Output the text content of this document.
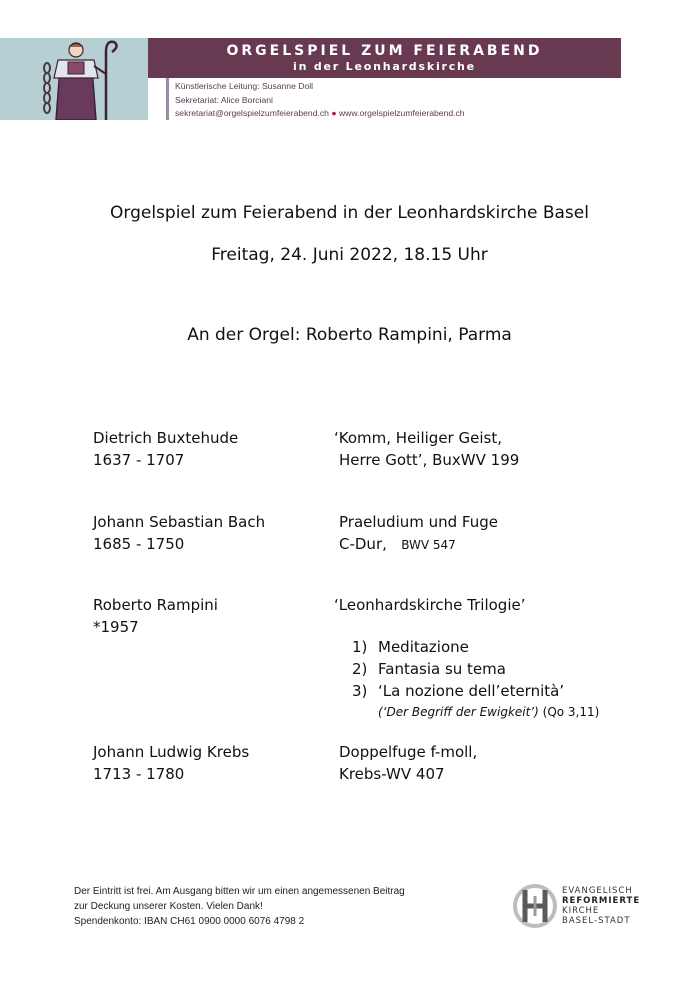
ORGELSPIEL ZUM FEIERABEND
in der Leonhardskirche
Künstlerische Leitung: Susanne Doll
Sekretariat: Alice Borciani
sekretariat@orgelspielzumfeierabend.ch ● www.orgelspielzumfeierabend.ch
Orgelspiel zum Feierabend in der Leonhardskirche Basel
Freitag, 24. Juni 2022, 18.15 Uhr
An der Orgel: Roberto Rampini, Parma
Dietrich Buxtehude
1637 - 1707
‘Komm, Heiliger Geist,
Herre Gott’, BuxWV 199
Johann Sebastian Bach
1685 - 1750
Praeludium und Fuge
C-Dur, BWV 547
Roberto Rampini
*1957
‘Leonhardskirche Trilogie’
1) Meditazione
2) Fantasia su tema
3) ‘La nozione dell’eternità’
(‘Der Begriff der Ewigkeit’) (Qo 3,11)
Johann Ludwig Krebs
1713 - 1780
Doppelfuge f-moll,
Krebs-WV 407
Der Eintritt ist frei. Am Ausgang bitten wir um einen angemessenen Beitrag
zur Deckung unserer Kosten. Vielen Dank!
Spendenkonto: IBAN CH61 0900 0000 6076 4798 2
EVANGELISCH
REFORMIERTE
KIRCHE
BASEL-STADT
